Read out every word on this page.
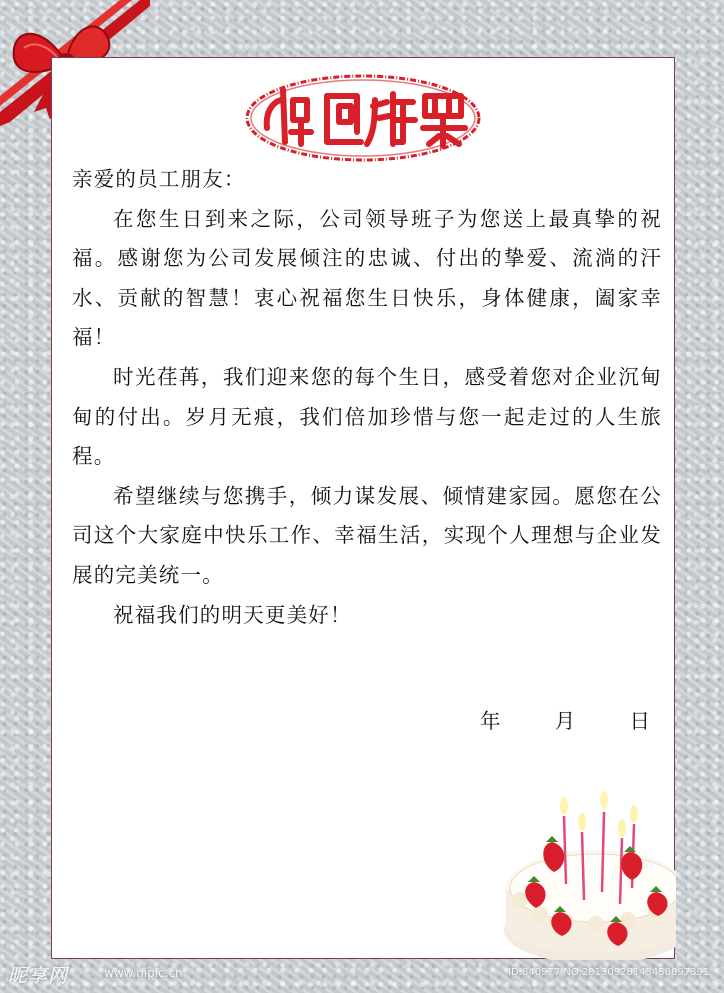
亲爱的员工朋友：

在您生日到来之际，公司领导班子为您送上最真挚的祝福。感谢您为公司发展倾注的忠诚、付出的挚爱、流淌的汗水、贡献的智慧！衷心祝福您生日快乐，身体健康，阖家幸福！

时光荏苒，我们迎来您的每个生日，感受着您对企业沉甸甸的付出。岁月无痕，我们倍加珍惜与您一起走过的人生旅程。

希望继续与您携手，倾力谋发展、倾情建家园。愿您在公司这个大家庭中快乐工作、幸福生活，实现个人理想与企业发展的完美统一。

祝福我们的明天更美好！

年	月	日
昵享网	www.nipic.cn	ID:840977 NO:20130928143450097391
